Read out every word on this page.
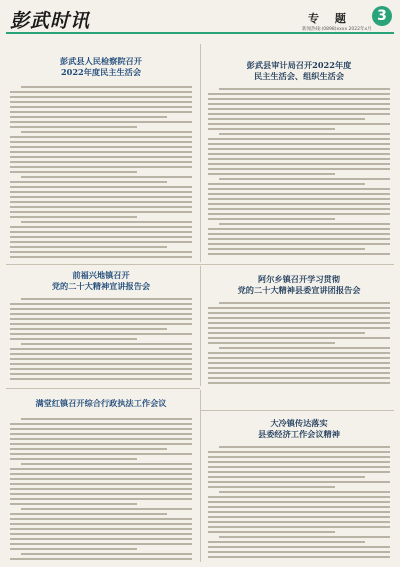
彭武时讯	专 题	3
新闻热线:(0898)xxxx 2022年x月
彭武县人民检察院召开
2022年度民主生活会
彭武县审计局召开2022年度
民主生活会、组织生活会
前福兴地镇召开
党的二十大精神宣讲报告会
阿尔乡镇召开学习贯彻
党的二十大精神县委宣讲团报告会
满堂红镇召开综合行政执法工作会议
大冷镇传达落实
县委经济工作会议精神
